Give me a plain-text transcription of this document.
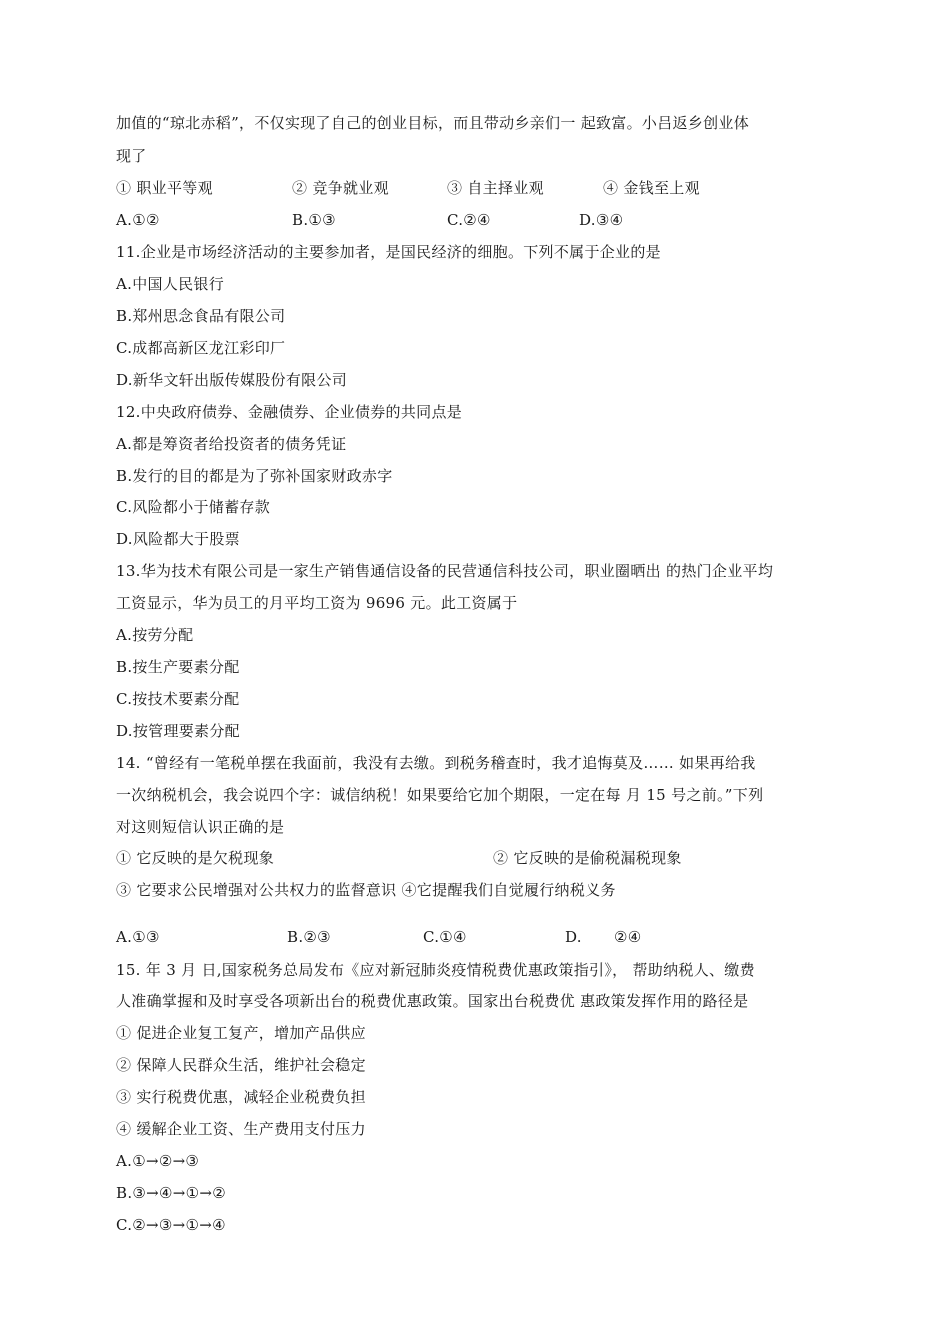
加值的“琼北赤稻”，不仅实现了自己的创业目标，而且带动乡亲们一 起致富。小吕返乡创业体
现了
① 职业平等观	② 竞争就业观	③ 自主择业观	④ 金钱至上观
A.①②	B.①③	C.②④	D.③④
11.企业是市场经济活动的主要参加者，是国民经济的细胞。下列不属于企业的是
A.中国人民银行
B.郑州思念食品有限公司
C.成都高新区龙江彩印厂
D.新华文轩出版传媒股份有限公司
12.中央政府债券、金融债券、企业债券的共同点是
A.都是筹资者给投资者的债务凭证
B.发行的目的都是为了弥补国家财政赤字
C.风险都小于储蓄存款
D.风险都大于股票
13.华为技术有限公司是一家生产销售通信设备的民营通信科技公司，职业圈晒出 的热门企业平均
工资显示，华为员工的月平均工资为 9696 元。此工资属于
A.按劳分配
B.按生产要素分配
C.按技术要素分配
D.按管理要素分配
14. “曾经有一笔税单摆在我面前，我没有去缴。到税务稽查时，我才追悔莫及…… 如果再给我
一次纳税机会，我会说四个字：诚信纳税！如果要给它加个期限，一定在每 月 15 号之前。”下列
对这则短信认识正确的是
① 它反映的是欠税现象	② 它反映的是偷税漏税现象
③ 它要求公民增强对公共权力的监督意识 ④它提醒我们自觉履行纳税义务
A.①③	B.②③	C.①④	D. ②④
15. 年 3 月 日,国家税务总局发布《应对新冠肺炎疫情税费优惠政策指引》， 帮助纳税人、缴费
人准确掌握和及时享受各项新出台的税费优惠政策。国家出台税费优 惠政策发挥作用的路径是
① 促进企业复工复产，增加产品供应
② 保障人民群众生活，维护社会稳定
③ 实行税费优惠，减轻企业税费负担
④ 缓解企业工资、生产费用支付压力
A.①→②→③
B.③→④→①→②
C.②→③→①→④
